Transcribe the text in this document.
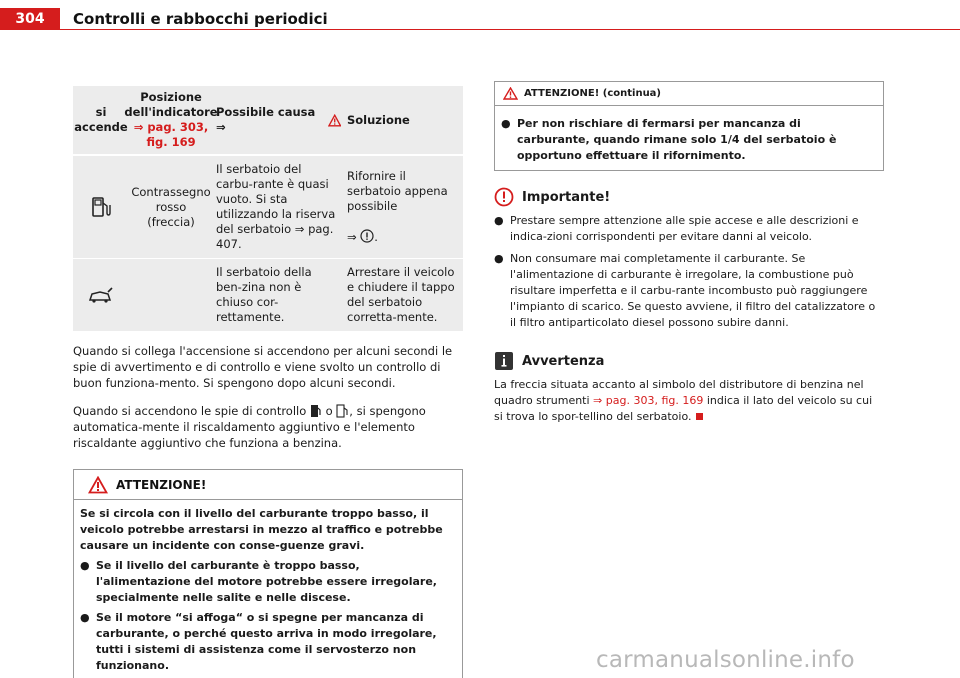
304	Controlli e rabbocchi periodici
si accende
Posizione dell'indicatore
⇒ pag. 303, fig. 169
Possibile causa ⇒
Soluzione
Contrassegno rosso (freccia)
Il serbatoio del carbu-rante è quasi vuoto. Si sta utilizzando la riserva del serbatoio ⇒ pag. 407.
Rifornire il serbatoio appena possibile

⇒ .
Il serbatoio della ben-zina non è chiuso cor-rettamente.
Arrestare il veicolo e chiudere il tappo del serbatoio corretta-mente.

Quando si collega l'accensione si accendono per alcuni secondi le spie di avvertimento e di controllo e viene svolto un controllo di buon funziona-mento. Si spengono dopo alcuni secondi.

Quando si accendono le spie di controllo o , si spengono automatica-mente il riscaldamento aggiuntivo e l'elemento riscaldante aggiuntivo che funziona a benzina.

ATTENZIONE!
Se si circola con il livello del carburante troppo basso, il veicolo potrebbe arrestarsi in mezzo al traffico e potrebbe causare un incidente con conse-guenze gravi.
● Se il livello del carburante è troppo basso, l'alimentazione del motore potrebbe essere irregolare, specialmente nelle salite e nelle discese.
● Se il motore “si affoga“ o si spegne per mancanza di carburante, o perché questo arriva in modo irregolare, tutti i sistemi di assistenza come il servosterzo non funzionano.
ATTENZIONE! (continua)
● Per non rischiare di fermarsi per mancanza di carburante, quando rimane solo 1/4 del serbatoio è opportuno effettuare il rifornimento.
Importante!
● Prestare sempre attenzione alle spie accese e alle descrizioni e indica-zioni corrispondenti per evitare danni al veicolo.
● Non consumare mai completamente il carburante. Se l'alimentazione di carburante è irregolare, la combustione può risultare imperfetta e il carbu-rante incombusto può raggiungere l'impianto di scarico. Se questo avviene, il filtro del catalizzatore o il filtro antiparticolato diesel possono subire danni.
Avvertenza
La freccia situata accanto al simbolo del distributore di benzina nel quadro strumenti ⇒ pag. 303, fig. 169 indica il lato del veicolo su cui si trova lo spor-tellino del serbatoio.
carmanualsonline.info
